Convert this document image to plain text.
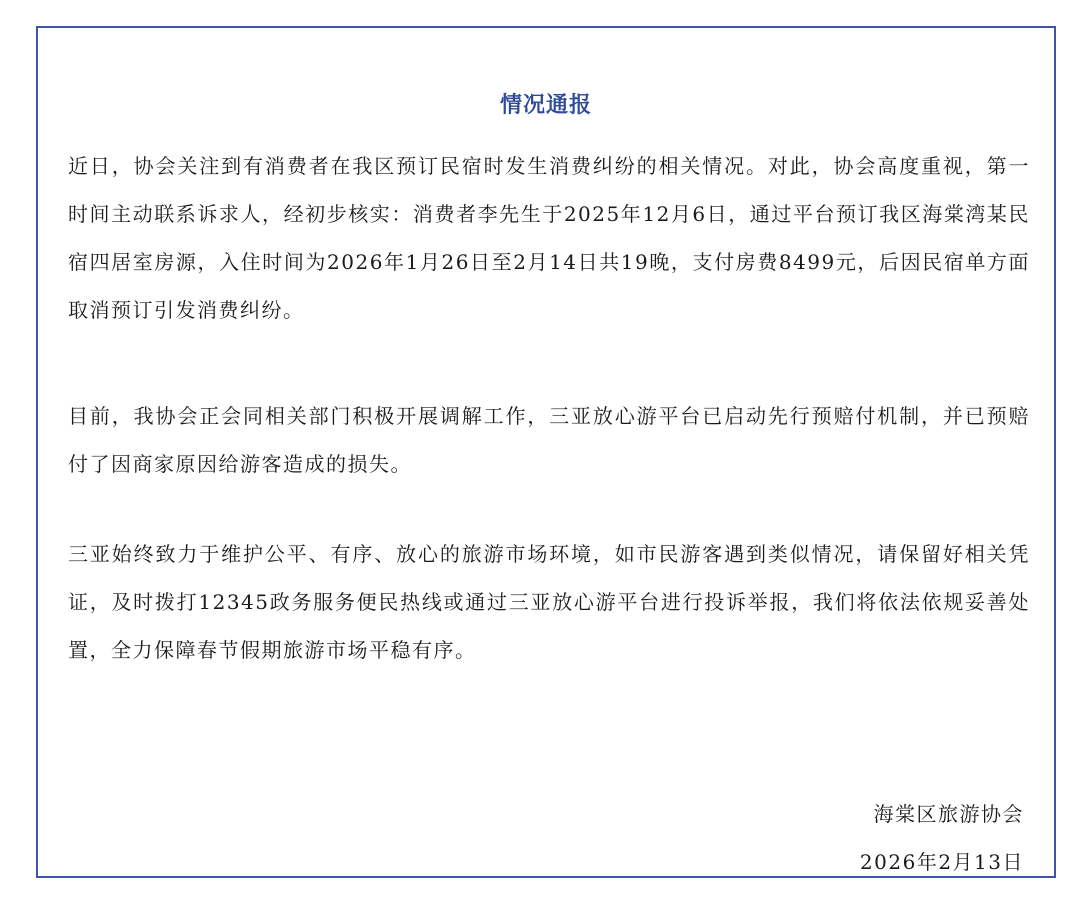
情况通报

近日，协会关注到有消费者在我区预订民宿时发生消费纠纷的相关情况。对此，协会高度重视，第一时间主动联系诉求人，经初步核实：消费者李先生于2025年12月6日，通过平台预订我区海棠湾某民宿四居室房源，入住时间为2026年1月26日至2月14日共19晚，支付房费8499元，后因民宿单方面取消预订引发消费纠纷。

目前，我协会正会同相关部门积极开展调解工作，三亚放心游平台已启动先行预赔付机制，并已预赔付了因商家原因给游客造成的损失。

三亚始终致力于维护公平、有序、放心的旅游市场环境，如市民游客遇到类似情况，请保留好相关凭证，及时拨打12345政务服务便民热线或通过三亚放心游平台进行投诉举报，我们将依法依规妥善处置，全力保障春节假期旅游市场平稳有序。

海棠区旅游协会

2026年2月13日
